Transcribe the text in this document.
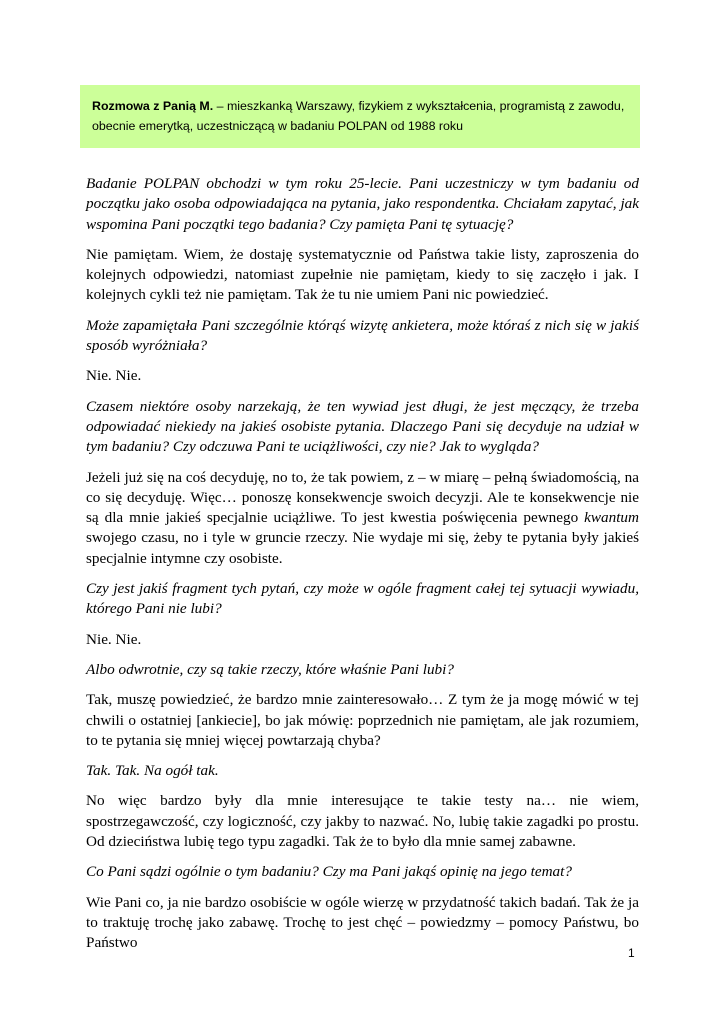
Rozmowa z Panią M. – mieszkanką Warszawy, fizykiem z wykształcenia, programistą z zawodu, obecnie emerytką, uczestniczącą w badaniu POLPAN od 1988 roku

Badanie POLPAN obchodzi w tym roku 25-lecie. Pani uczestniczy w tym badaniu od początku jako osoba odpowiadająca na pytania, jako respondentka. Chciałam zapytać, jak wspomina Pani początki tego badania? Czy pamięta Pani tę sytuację?

Nie pamiętam. Wiem, że dostaję systematycznie od Państwa takie listy, zaproszenia do kolejnych odpowiedzi, natomiast zupełnie nie pamiętam, kiedy to się zaczęło i jak. I kolejnych cykli też nie pamiętam. Tak że tu nie umiem Pani nic powiedzieć.

Może zapamiętała Pani szczególnie którąś wizytę ankietera, może któraś z nich się w jakiś sposób wyróżniała?

Nie. Nie.

Czasem niektóre osoby narzekają, że ten wywiad jest długi, że jest męczący, że trzeba odpowiadać niekiedy na jakieś osobiste pytania. Dlaczego Pani się decyduje na udział w tym badaniu? Czy odczuwa Pani te uciążliwości, czy nie? Jak to wygląda?

Jeżeli już się na coś decyduję, no to, że tak powiem, z – w miarę – pełną świadomością, na co się decyduję. Więc… ponoszę konsekwencje swoich decyzji. Ale te konsekwencje nie są dla mnie jakieś specjalnie uciążliwe. To jest kwestia poświęcenia pewnego kwantum swojego czasu, no i tyle w gruncie rzeczy. Nie wydaje mi się, żeby te pytania były jakieś specjalnie intymne czy osobiste.

Czy jest jakiś fragment tych pytań, czy może w ogóle fragment całej tej sytuacji wywiadu, którego Pani nie lubi?

Nie. Nie.

Albo odwrotnie, czy są takie rzeczy, które właśnie Pani lubi?

Tak, muszę powiedzieć, że bardzo mnie zainteresowało… Z tym że ja mogę mówić w tej chwili o ostatniej [ankiecie], bo jak mówię: poprzednich nie pamiętam, ale jak rozumiem, to te pytania się mniej więcej powtarzają chyba?

Tak. Tak. Na ogół tak.

No więc bardzo były dla mnie interesujące te takie testy na… nie wiem, spostrzegawczość, czy logiczność, czy jakby to nazwać. No, lubię takie zagadki po prostu. Od dzieciństwa lubię tego typu zagadki. Tak że to było dla mnie samej zabawne.

Co Pani sądzi ogólnie o tym badaniu? Czy ma Pani jakąś opinię na jego temat?

Wie Pani co, ja nie bardzo osobiście w ogóle wierzę w przydatność takich badań. Tak że ja to traktuję trochę jako zabawę. Trochę to jest chęć – powiedzmy – pomocy Państwu, bo Państwo

1
